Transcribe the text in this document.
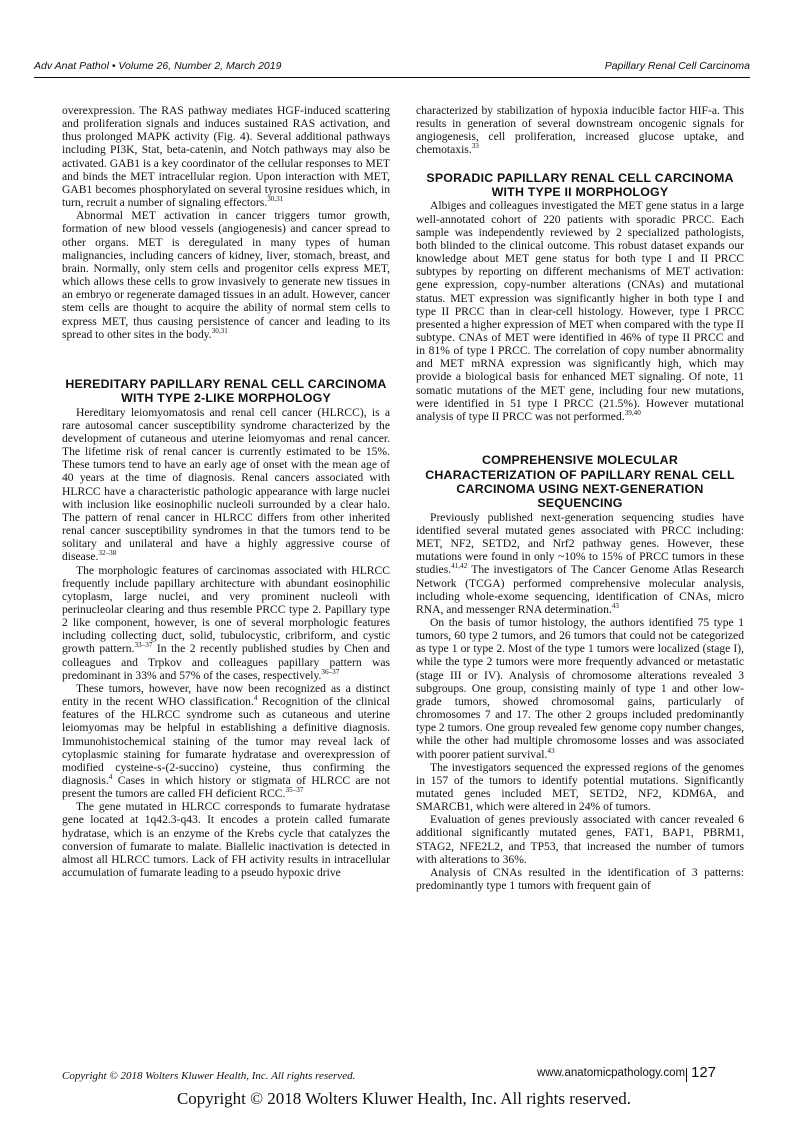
Adv Anat Pathol • Volume 26, Number 2, March 2019	Papillary Renal Cell Carcinoma

overexpression. The RAS pathway mediates HGF-induced scattering and proliferation signals and induces sustained RAS activation, and thus prolonged MAPK activity (Fig. 4). Several additional pathways including PI3K, Stat, beta-catenin, and Notch pathways may also be activated. GAB1 is a key coordinator of the cellular responses to MET and binds the MET intracellular region. Upon interaction with MET, GAB1 becomes phosphorylated on several tyrosine residues which, in turn, recruit a number of signaling effectors.$^{30,31}$

Abnormal MET activation in cancer triggers tumor growth, formation of new blood vessels (angiogenesis) and cancer spread to other organs. MET is deregulated in many types of human malignancies, including cancers of kidney, liver, stomach, breast, and brain. Normally, only stem cells and progenitor cells express MET, which allows these cells to grow invasively to generate new tissues in an embryo or regenerate damaged tissues in an adult. However, cancer stem cells are thought to acquire the ability of normal stem cells to express MET, thus causing persistence of cancer and leading to its spread to other sites in the body.$^{30,31}$

HEREDITARY PAPILLARY RENAL CELL CARCINOMA WITH TYPE 2-LIKE MORPHOLOGY

Hereditary leiomyomatosis and renal cell cancer (HLRCC), is a rare autosomal cancer susceptibility syndrome characterized by the development of cutaneous and uterine leiomyomas and renal cancer. The lifetime risk of renal cancer is currently estimated to be 15%. These tumors tend to have an early age of onset with the mean age of 40 years at the time of diagnosis. Renal cancers associated with HLRCC have a characteristic pathologic appearance with large nuclei with inclusion like eosinophilic nucleoli surrounded by a clear halo. The pattern of renal cancer in HLRCC differs from other inherited renal cancer susceptibility syndromes in that the tumors tend to be solitary and unilateral and have a highly aggressive course of disease.$^{32-38}$

The morphologic features of carcinomas associated with HLRCC frequently include papillary architecture with abundant eosinophilic cytoplasm, large nuclei, and very prominent nucleoli with perinucleolar clearing and thus resemble PRCC type 2. Papillary type 2 like component, however, is one of several morphologic features including collecting duct, solid, tubulocystic, cribriform, and cystic growth pattern.$^{33-37}$ In the 2 recently published studies by Chen and colleagues and Trpkov and colleagues papillary pattern was predominant in 33% and 57% of the cases, respectively.$^{36-37}$

These tumors, however, have now been recognized as a distinct entity in the recent WHO classification.$^4$ Recognition of the clinical features of the HLRCC syndrome such as cutaneous and uterine leiomyomas may be helpful in establishing a definitive diagnosis. Immunohistochemical staining of the tumor may reveal lack of cytoplasmic staining for fumarate hydratase and overexpression of modified cysteine-s-(2-succino) cysteine, thus confirming the diagnosis.$^4$ Cases in which history or stigmata of HLRCC are not present the tumors are called FH deficient RCC.$^{35-37}$

The gene mutated in HLRCC corresponds to fumarate hydratase gene located at 1q42.3-q43. It encodes a protein called fumarate hydratase, which is an enzyme of the Krebs cycle that catalyzes the conversion of fumarate to malate. Biallelic inactivation is detected in almost all HLRCC tumors. Lack of FH activity results in intracellular accumulation of fumarate leading to a pseudo hypoxic drive

characterized by stabilization of hypoxia inducible factor HIF-a. This results in generation of several downstream oncogenic signals for angiogenesis, cell proliferation, increased glucose uptake, and chemotaxis.$^{33}$

SPORADIC PAPILLARY RENAL CELL CARCINOMA WITH TYPE II MORPHOLOGY

Albiges and colleagues investigated the MET gene status in a large well-annotated cohort of 220 patients with sporadic PRCC. Each sample was independently reviewed by 2 specialized pathologists, both blinded to the clinical outcome. This robust dataset expands our knowledge about MET gene status for both type I and II PRCC subtypes by reporting on different mechanisms of MET activation: gene expression, copy-number alterations (CNAs) and mutational status. MET expression was significantly higher in both type I and type II PRCC than in clear-cell histology. However, type I PRCC presented a higher expression of MET when compared with the type II subtype. CNAs of MET were identified in 46% of type II PRCC and in 81% of type I PRCC. The correlation of copy number abnormality and MET mRNA expression was significantly high, which may provide a biological basis for enhanced MET signaling. Of note, 11 somatic mutations of the MET gene, including four new mutations, were identified in 51 type I PRCC (21.5%). However mutational analysis of type II PRCC was not performed.$^{39,40}$

COMPREHENSIVE MOLECULAR CHARACTERIZATION OF PAPILLARY RENAL CELL CARCINOMA USING NEXT-GENERATION SEQUENCING

Previously published next-generation sequencing studies have identified several mutated genes associated with PRCC including: MET, NF2, SETD2, and Nrf2 pathway genes. However, these mutations were found in only ~10% to 15% of PRCC tumors in these studies.$^{41,42}$ The investigators of The Cancer Genome Atlas Research Network (TCGA) performed comprehensive molecular analysis, including whole-exome sequencing, identification of CNAs, micro RNA, and messenger RNA determination.$^{43}$

On the basis of tumor histology, the authors identified 75 type 1 tumors, 60 type 2 tumors, and 26 tumors that could not be categorized as type 1 or type 2. Most of the type 1 tumors were localized (stage I), while the type 2 tumors were more frequently advanced or metastatic (stage III or IV). Analysis of chromosome alterations revealed 3 subgroups. One group, consisting mainly of type 1 and other low-grade tumors, showed chromosomal gains, particularly of chromosomes 7 and 17. The other 2 groups included predominantly type 2 tumors. One group revealed few genome copy number changes, while the other had multiple chromosome losses and was associated with poorer patient survival.$^{43}$

The investigators sequenced the expressed regions of the genomes in 157 of the tumors to identify potential mutations. Significantly mutated genes included MET, SETD2, NF2, KDM6A, and SMARCB1, which were altered in 24% of tumors.

Evaluation of genes previously associated with cancer revealed 6 additional significantly mutated genes, FAT1, BAP1, PBRM1, STAG2, NFE2L2, and TP53, that increased the number of tumors with alterations to 36%.

Analysis of CNAs resulted in the identification of 3 patterns: predominantly type 1 tumors with frequent gain of

Copyright © 2018 Wolters Kluwer Health, Inc. All rights reserved.	www.anatomicpathology.com 127
Copyright © 2018 Wolters Kluwer Health, Inc. All rights reserved.
